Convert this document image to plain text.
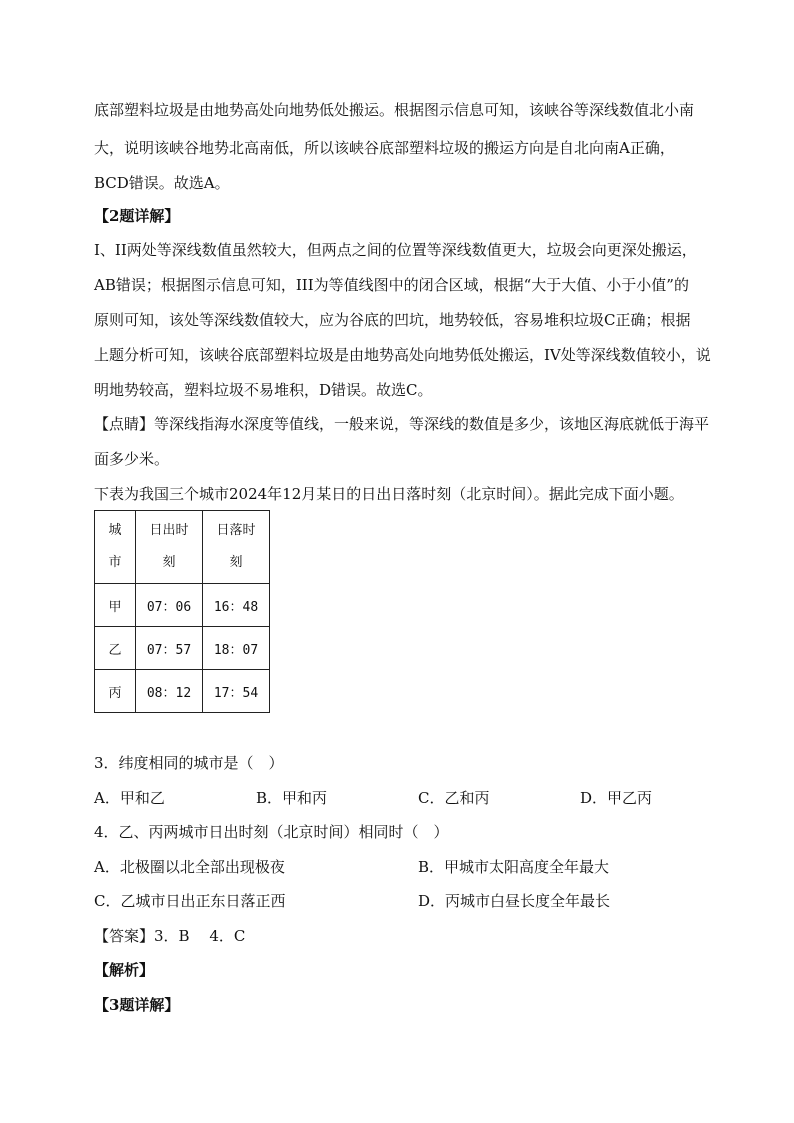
底部塑料垃圾是由地势高处向地势低处搬运。根据图示信息可知，该峡谷等深线数值北小南
大，说明该峡谷地势北高南低，所以该峡谷底部塑料垃圾的搬运方向是自北向南A正确，
BCD错误。故选A。
【2题详解】
I、II两处等深线数值虽然较大，但两点之间的位置等深线数值更大，垃圾会向更深处搬运，
AB错误；根据图示信息可知，III为等值线图中的闭合区域，根据“大于大值、小于小值”的
原则可知，该处等深线数值较大，应为谷底的凹坑，地势较低，容易堆积垃圾C正确；根据
上题分析可知，该峡谷底部塑料垃圾是由地势高处向地势低处搬运，IV处等深线数值较小，说
明地势较高，塑料垃圾不易堆积，D错误。故选C。
【点睛】等深线指海水深度等值线，一般来说，等深线的数值是多少，该地区海底就低于海平
面多少米。
下表为我国三个城市2024年12月某日的日出日落时刻（北京时间）。据此完成下面小题。
城
市	日出时
刻	日落时
刻
甲	07：06	16：48
乙	07：57	18：07
丙	08：12	17：54
3．纬度相同的城市是（　）
A．甲和乙	B．甲和丙	C．乙和丙	D．甲乙丙
4．乙、丙两城市日出时刻（北京时间）相同时（　）
A．北极圈以北全部出现极夜	B．甲城市太阳高度全年最大
C．乙城市日出正东日落正西	D．丙城市白昼长度全年最长
【答案】3．B　 4．C
【解析】
【3题详解】
